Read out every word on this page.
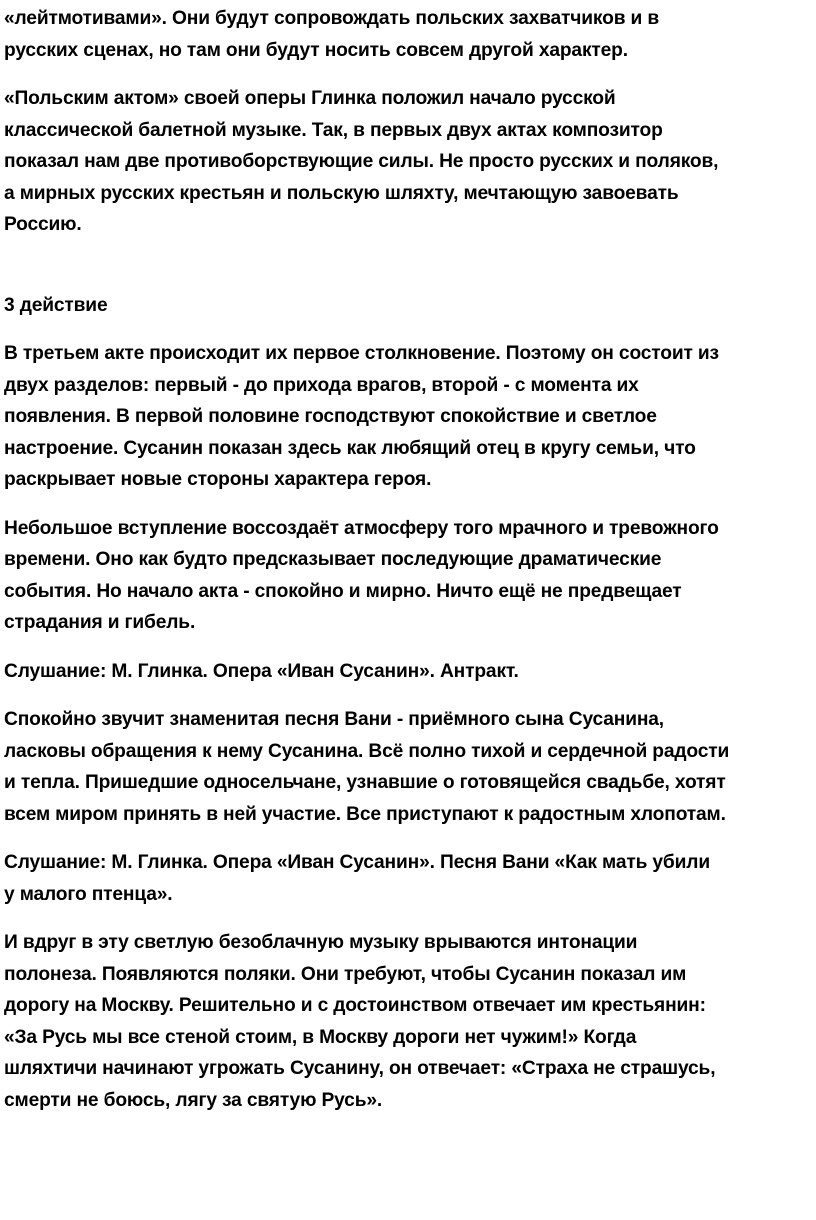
«лейтмотивами». Они будут сопровождать польских захватчиков и в
русских сценах, но там они будут носить совсем другой характер.

«Польским актом» своей оперы Глинка положил начало русской
классической балетной музыке. Так, в первых двух актах композитор
показал нам две противоборствующие силы. Не просто русских и поляков,
а мирных русских крестьян и польскую шляхту, мечтающую завоевать
Россию.

3 действие

В третьем акте происходит их первое столкновение. Поэтому он состоит из
двух разделов: первый - до прихода врагов, второй - с момента их
появления. В первой половине господствуют спокойствие и светлое
настроение. Сусанин показан здесь как любящий отец в кругу семьи, что
раскрывает новые стороны характера героя.

Небольшое вступление воссоздаёт атмосферу того мрачного и тревожного
времени. Оно как будто предсказывает последующие драматические
события. Но начало акта - спокойно и мирно. Ничто ещё не предвещает
страдания и гибель.

Слушание: М. Глинка. Опера «Иван Сусанин». Антракт.

Спокойно звучит знаменитая песня Вани - приёмного сына Сусанина,
ласковы обращения к нему Сусанина. Всё полно тихой и сердечной радости
и тепла. Пришедшие односельчане, узнавшие о готовящейся свадьбе, хотят
всем миром принять в ней участие. Все приступают к радостным хлопотам.

Слушание: М. Глинка. Опера «Иван Сусанин». Песня Вани «Как мать убили
у малого птенца».

И вдруг в эту светлую безоблачную музыку врываются интонации
полонеза. Появляются поляки. Они требуют, чтобы Сусанин показал им
дорогу на Москву. Решительно и с достоинством отвечает им крестьянин:
«За Русь мы все стеной стоим, в Москву дороги нет чужим!» Когда
шляхтичи начинают угрожать Сусанину, он отвечает: «Страха не страшусь,
смерти не боюсь, лягу за святую Русь».
